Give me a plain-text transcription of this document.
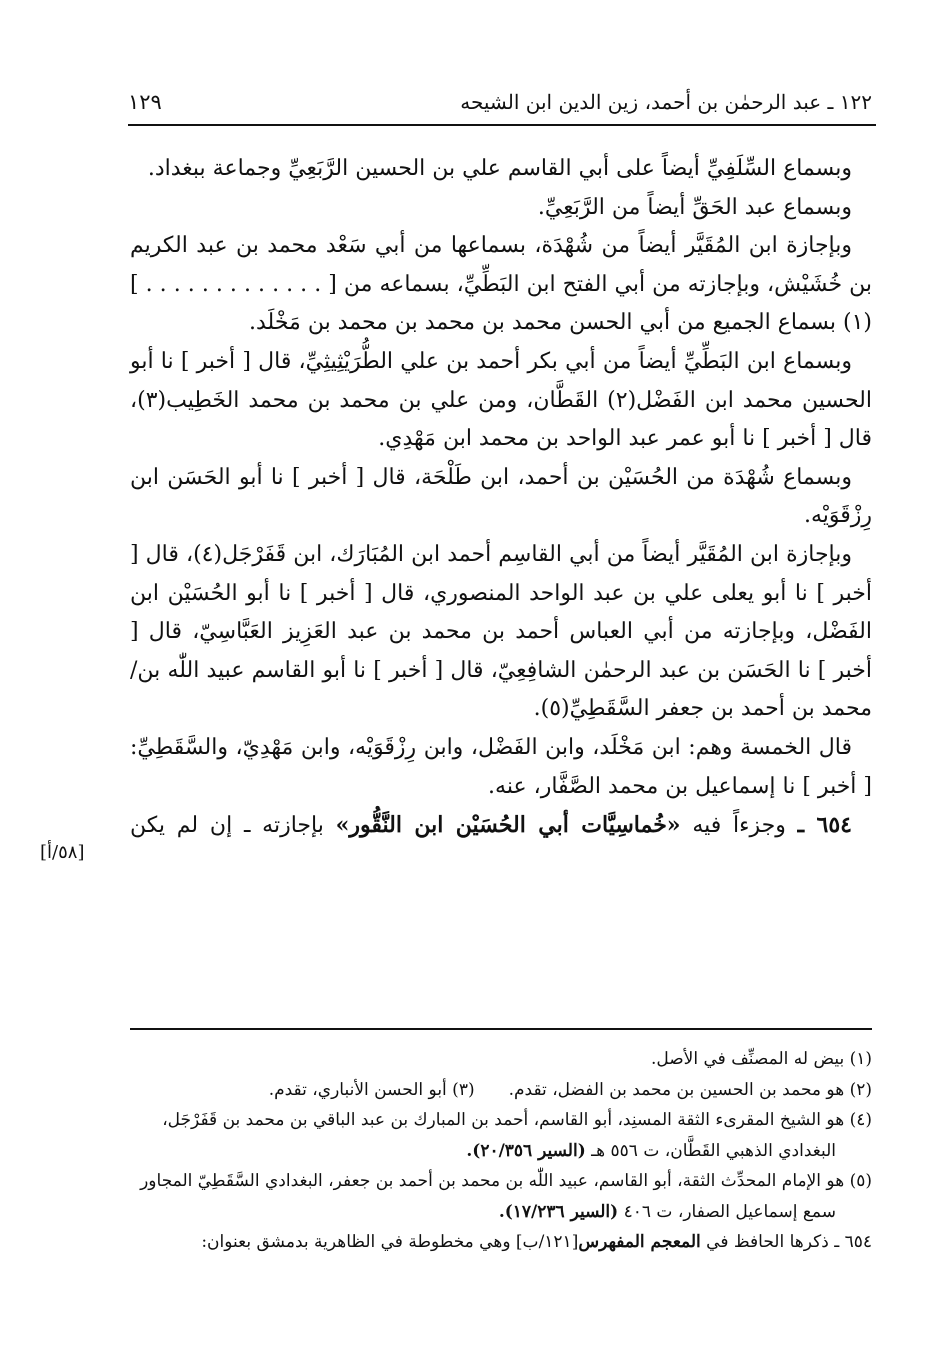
١٢٢ ـ عبد الرحمٰن بن أحمد، زين الدين ابن الشيحه
١٢٩
[٥٨/أ]

وبسماع السِّلَفِيِّ أيضاً على أبي القاسم علي بن الحسين الرَّبَعِيِّ وجماعة ببغداد.

وبسماع عبد الحَقِّ أيضاً من الرَّبَعِيِّ.

وبإجازة ابن المُقَيَّر أيضاً من شُهْدَة، بسماعها من أبي سَعْد محمد بن عبد الكريم بن خُشَيْش، وبإجازته من أبي الفتح ابن البَطِّيِّ، بسماعه من [ . . . . . . . . . . . . . ](١) بسماع الجميع من أبي الحسن محمد بن محمد بن محمد بن مَخْلَد.

وبسماع ابن البَطِّيِّ أيضاً من أبي بكر أحمد بن علي الطُّرَيْثِيثِيِّ، قال [ أخبر ] نا أبو الحسين محمد ابن الفَضْل(٢) القَطَّان، ومن علي بن محمد بن محمد الخَطِيب(٣)، قال [ أخبر ] نا أبو عمر عبد الواحد بن محمد ابن مَهْدِي.

وبسماع شُهْدَة من الحُسَيْن بن أحمد، ابن طَلْحَة، قال [ أخبر ] نا أبو الحَسَن ابن رِزْقَوَيْه.

وبإجازة ابن المُقَيَّر أيضاً من أبي القاسِم أحمد ابن المُبَارَك، ابن قَفَرْجَل(٤)، قال [ أخبر ] نا أبو يعلى علي بن عبد الواحد المنصوري، قال [ أخبر ] نا أبو الحُسَيْن ابن الفَضْل، وبإجازته من أبي العباس أحمد بن محمد بن عبد العَزِيز العَبَّاسِيّ، قال [ أخبر ] نا الحَسَن بن عبد الرحمٰن الشافِعِيّ، قال [ أخبر ] نا أبو القاسم عبيد اللّٰه بن/ محمد بن أحمد بن جعفر السَّقَطِيِّ(٥).

قال الخمسة وهم: ابن مَخْلَد، وابن الفَضْل، وابن رِزْقَوَيْه، وابن مَهْدِيّ، والسَّقَطِيِّ: [ أخبر ] نا إسماعيل بن محمد الصَّفَّار، عنه.

٦٥٤ ـ وجزءاً فيه «خُماسِيَّات أبي الحُسَيْن ابن النَّقُّور» بإجازته ـ إن لم يكن

(١) بيض له المصنِّف في الأصل.

(٢) هو محمد بن الحسين بن محمد بن الفضل، تقدم.
(٣) أبو الحسن الأنباري، تقدم.

(٤) هو الشيخ المقرىء الثقة المسنِد، أبو القاسم، أحمد بن المبارك بن عبد الباقي بن محمد بن قَفَرْجَل، البغدادي الذهبي القَطَّان، ت ٥٥٦ هـ (السير ٢٠/٣٥٦).

(٥) هو الإمام المحدِّث الثقة، أبو القاسم، عبيد اللّٰه بن محمد بن أحمد بن جعفر، البغدادي السَّقَطِيّ المجاور سمع إسماعيل الصفار، ت ٤٠٦ (السير ١٧/٢٣٦).

٦٥٤ ـ ذكرها الحافظ في المعجم المفهرس[١٢١/ب] وهي مخطوطة في الظاهرية بدمشق بعنوان:
